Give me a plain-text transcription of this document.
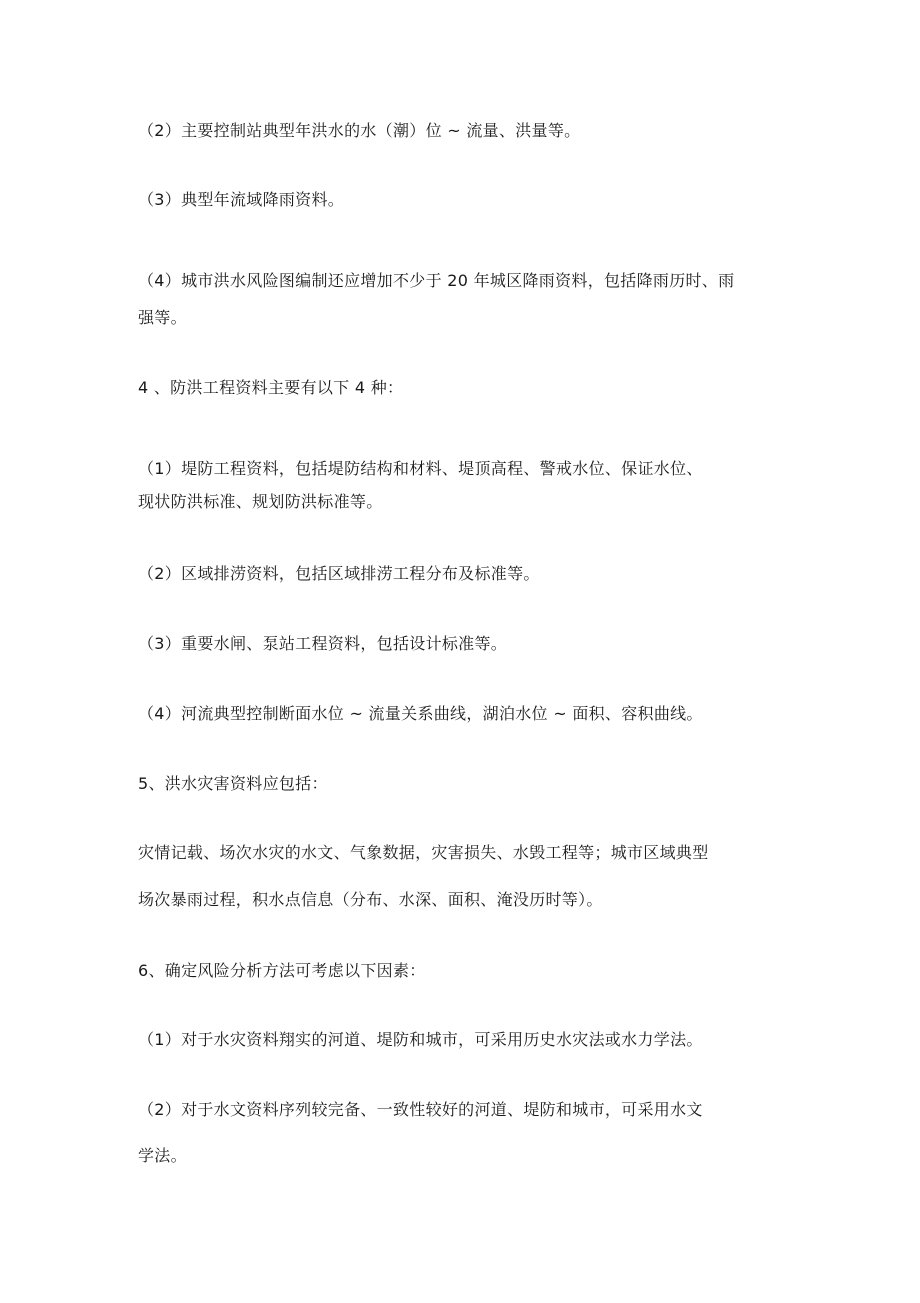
（2）主要控制站典型年洪水的水（潮）位 ~ 流量、洪量等。
（3）典型年流域降雨资料。
（4）城市洪水风险图编制还应增加不少于 20 年城区降雨资料，包括降雨历时、雨
强等。
4 、防洪工程资料主要有以下 4 种：
（1）堤防工程资料，包括堤防结构和材料、堤顶高程、警戒水位、保证水位、
现状防洪标准、规划防洪标准等。
（2）区域排涝资料，包括区域排涝工程分布及标准等。
（3）重要水闸、泵站工程资料，包括设计标准等。
（4）河流典型控制断面水位 ~ 流量关系曲线，湖泊水位 ~ 面积、容积曲线。
5、洪水灾害资料应包括：
灾情记载、场次水灾的水文、气象数据，灾害损失、水毁工程等；城市区域典型
场次暴雨过程，积水点信息（分布、水深、面积、淹没历时等）。
6、确定风险分析方法可考虑以下因素：
（1）对于水灾资料翔实的河道、堤防和城市，可采用历史水灾法或水力学法。
（2）对于水文资料序列较完备、一致性较好的河道、堤防和城市，可采用水文
学法。
